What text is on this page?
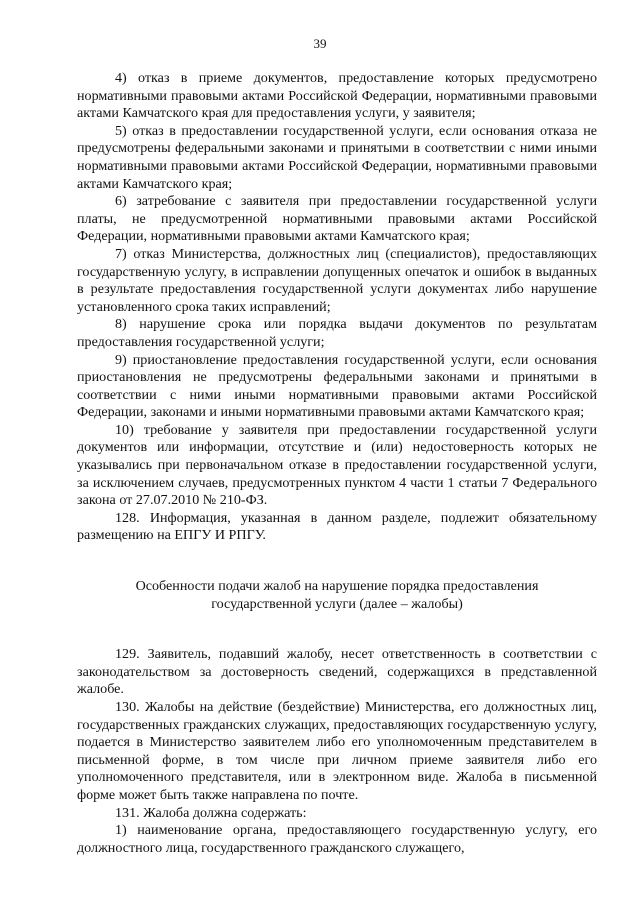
39

4) отказ в приеме документов, предоставление которых предусмотрено нормативными правовыми актами Российской Федерации, нормативными правовыми актами Камчатского края для предоставления услуги, у заявителя;

5) отказ в предоставлении государственной услуги, если основания отказа не предусмотрены федеральными законами и принятыми в соответствии с ними иными нормативными правовыми актами Российской Федерации, нормативными правовыми актами Камчатского края;

6) затребование с заявителя при предоставлении государственной услуги платы, не предусмотренной нормативными правовыми актами Российской Федерации, нормативными правовыми актами Камчатского края;

7) отказ Министерства, должностных лиц (специалистов), предоставляющих государственную услугу, в исправлении допущенных опечаток и ошибок в выданных в результате предоставления государственной услуги документах либо нарушение установленного срока таких исправлений;

8) нарушение срока или порядка выдачи документов по результатам предоставления государственной услуги;

9) приостановление предоставления государственной услуги, если основания приостановления не предусмотрены федеральными законами и принятыми в соответствии с ними иными нормативными правовыми актами Российской Федерации, законами и иными нормативными правовыми актами Камчатского края;

10) требование у заявителя при предоставлении государственной услуги документов или информации, отсутствие и (или) недостоверность которых не указывались при первоначальном отказе в предоставлении государственной услуги, за исключением случаев, предусмотренных пунктом 4 части 1 статьи 7 Федерального закона от 27.07.2010 № 210-ФЗ.

128. Информация, указанная в данном разделе, подлежит обязательному размещению на ЕПГУ И РПГУ.

Особенности подачи жалоб на нарушение порядка предоставления
государственной услуги (далее – жалобы)

129. Заявитель, подавший жалобу, несет ответственность в соответствии с законодательством за достоверность сведений, содержащихся в представленной жалобе.

130. Жалобы на действие (бездействие) Министерства, его должностных лиц, государственных гражданских служащих, предоставляющих государственную услугу, подается в Министерство заявителем либо его уполномоченным представителем в письменной форме, в том числе при личном приеме заявителя либо его уполномоченного представителя, или в электронном виде. Жалоба в письменной форме может быть также направлена по почте.

131. Жалоба должна содержать:

1) наименование органа, предоставляющего государственную услугу, его должностного лица, государственного гражданского служащего,
